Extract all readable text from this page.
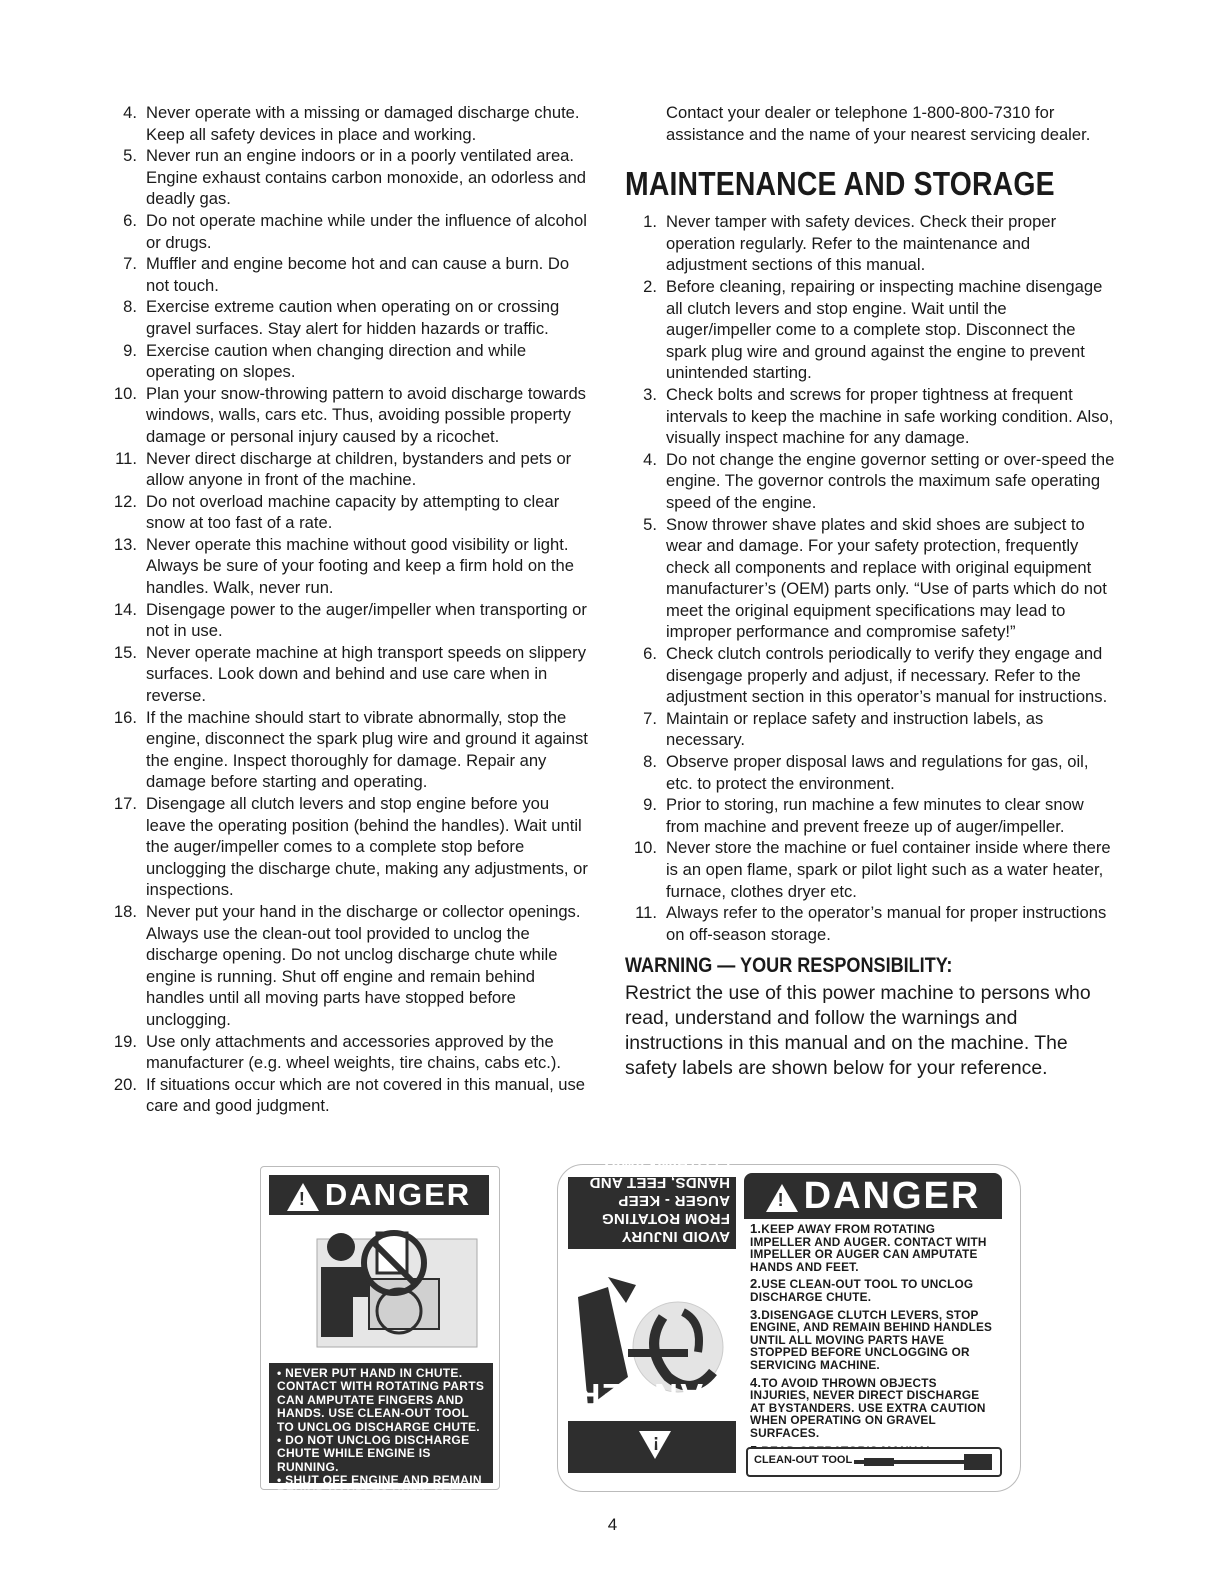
4. Never operate with a missing or damaged discharge chute. Keep all safety devices in place and working.
5. Never run an engine indoors or in a poorly ventilated area. Engine exhaust contains carbon monoxide, an odorless and deadly gas.
6. Do not operate machine while under the influence of alcohol or drugs.
7. Muffler and engine become hot and can cause a burn. Do not touch.
8. Exercise extreme caution when operating on or crossing gravel surfaces. Stay alert for hidden hazards or traffic.
9. Exercise caution when changing direction and while operating on slopes.
10. Plan your snow-throwing pattern to avoid discharge towards windows, walls, cars etc. Thus, avoiding possible property damage or personal injury caused by a ricochet.
11. Never direct discharge at children, bystanders and pets or allow anyone in front of the machine.
12. Do not overload machine capacity by attempting to clear snow at too fast of a rate.
13. Never operate this machine without good visibility or light. Always be sure of your footing and keep a firm hold on the handles. Walk, never run.
14. Disengage power to the auger/impeller when transporting or not in use.
15. Never operate machine at high transport speeds on slippery surfaces. Look down and behind and use care when in reverse.
16. If the machine should start to vibrate abnormally, stop the engine, disconnect the spark plug wire and ground it against the engine. Inspect thoroughly for damage. Repair any damage before starting and operating.
17. Disengage all clutch levers and stop engine before you leave the operating position (behind the handles). Wait until the auger/impeller comes to a complete stop before unclogging the discharge chute, making any adjustments, or inspections.
18. Never put your hand in the discharge or collector openings. Always use the clean-out tool provided to unclog the discharge opening. Do not unclog discharge chute while engine is running. Shut off engine and remain behind handles until all moving parts have stopped before unclogging.
19. Use only attachments and accessories approved by the manufacturer (e.g. wheel weights, tire chains, cabs etc.).
20. If situations occur which are not covered in this manual, use care and good judgment.

Contact your dealer or telephone 1-800-800-7310 for assistance and the name of your nearest servicing dealer.

MAINTENANCE AND STORAGE
1. Never tamper with safety devices. Check their proper operation regularly. Refer to the maintenance and adjustment sections of this manual.
2. Before cleaning, repairing or inspecting machine disengage all clutch levers and stop engine. Wait until the auger/impeller come to a complete stop. Disconnect the spark plug wire and ground against the engine to prevent unintended starting.
3. Check bolts and screws for proper tightness at frequent intervals to keep the machine in safe working condition. Also, visually inspect machine for any damage.
4. Do not change the engine governor setting or over-speed the engine. The governor controls the maximum safe operating speed of the engine.
5. Snow thrower shave plates and skid shoes are subject to wear and damage. For your safety protection, frequently check all components and replace with original equipment manufacturer’s (OEM) parts only. “Use of parts which do not meet the original equipment specifications may lead to improper performance and compromise safety!”
6. Check clutch controls periodically to verify they engage and disengage properly and adjust, if necessary. Refer to the adjustment section in this operator’s manual for instructions.
7. Maintain or replace safety and instruction labels, as necessary.
8. Observe proper disposal laws and regulations for gas, oil, etc. to protect the environment.
9. Prior to storing, run machine a few minutes to clear snow from machine and prevent freeze up of auger/impeller.
10. Never store the machine or fuel container inside where there is an open flame, spark or pilot light such as a water heater, furnace, clothes dryer etc.
11. Always refer to the operator’s manual for proper instructions on off-season storage.
WARNING — YOUR RESPONSIBILITY:

Restrict the use of this power machine to persons who read, understand and follow the warnings and instructions in this manual and on the machine. The safety labels are shown below for your reference.

! DANGER
• NEVER PUT HAND IN CHUTE. CONTACT WITH ROTATING PARTS CAN AMPUTATE FINGERS AND HANDS. USE CLEAN-OUT TOOL TO UNCLOG DISCHARGE CHUTE.
• DO NOT UNCLOG DISCHARGE CHUTE WHILE ENGINE IS RUNNING.
• SHUT OFF ENGINE AND REMAIN BEHIND HANDLES UNTIL ALL MOVING PARTS HAVE STOPPED BEFORE UNCLOGGING.
AVOID INJURY FROM ROTATING AUGER - KEEP HANDS, FEET AND CLOTHING AWAY.
!
DANGER
! DANGER
1.KEEP AWAY FROM ROTATING IMPELLER AND AUGER. CONTACT WITH IMPELLER OR AUGER CAN AMPUTATE HANDS AND FEET.
2.USE CLEAN-OUT TOOL TO UNCLOG DISCHARGE CHUTE.
3.DISENGAGE CLUTCH LEVERS, STOP ENGINE, AND REMAIN BEHIND HANDLES UNTIL ALL MOVING PARTS HAVE STOPPED BEFORE UNCLOGGING OR SERVICING MACHINE.
4.TO AVOID THROWN OBJECTS INJURIES, NEVER DIRECT DISCHARGE AT BYSTANDERS. USE EXTRA CAUTION WHEN OPERATING ON GRAVEL SURFACES.
CLEAN-OUT TOOL
4
